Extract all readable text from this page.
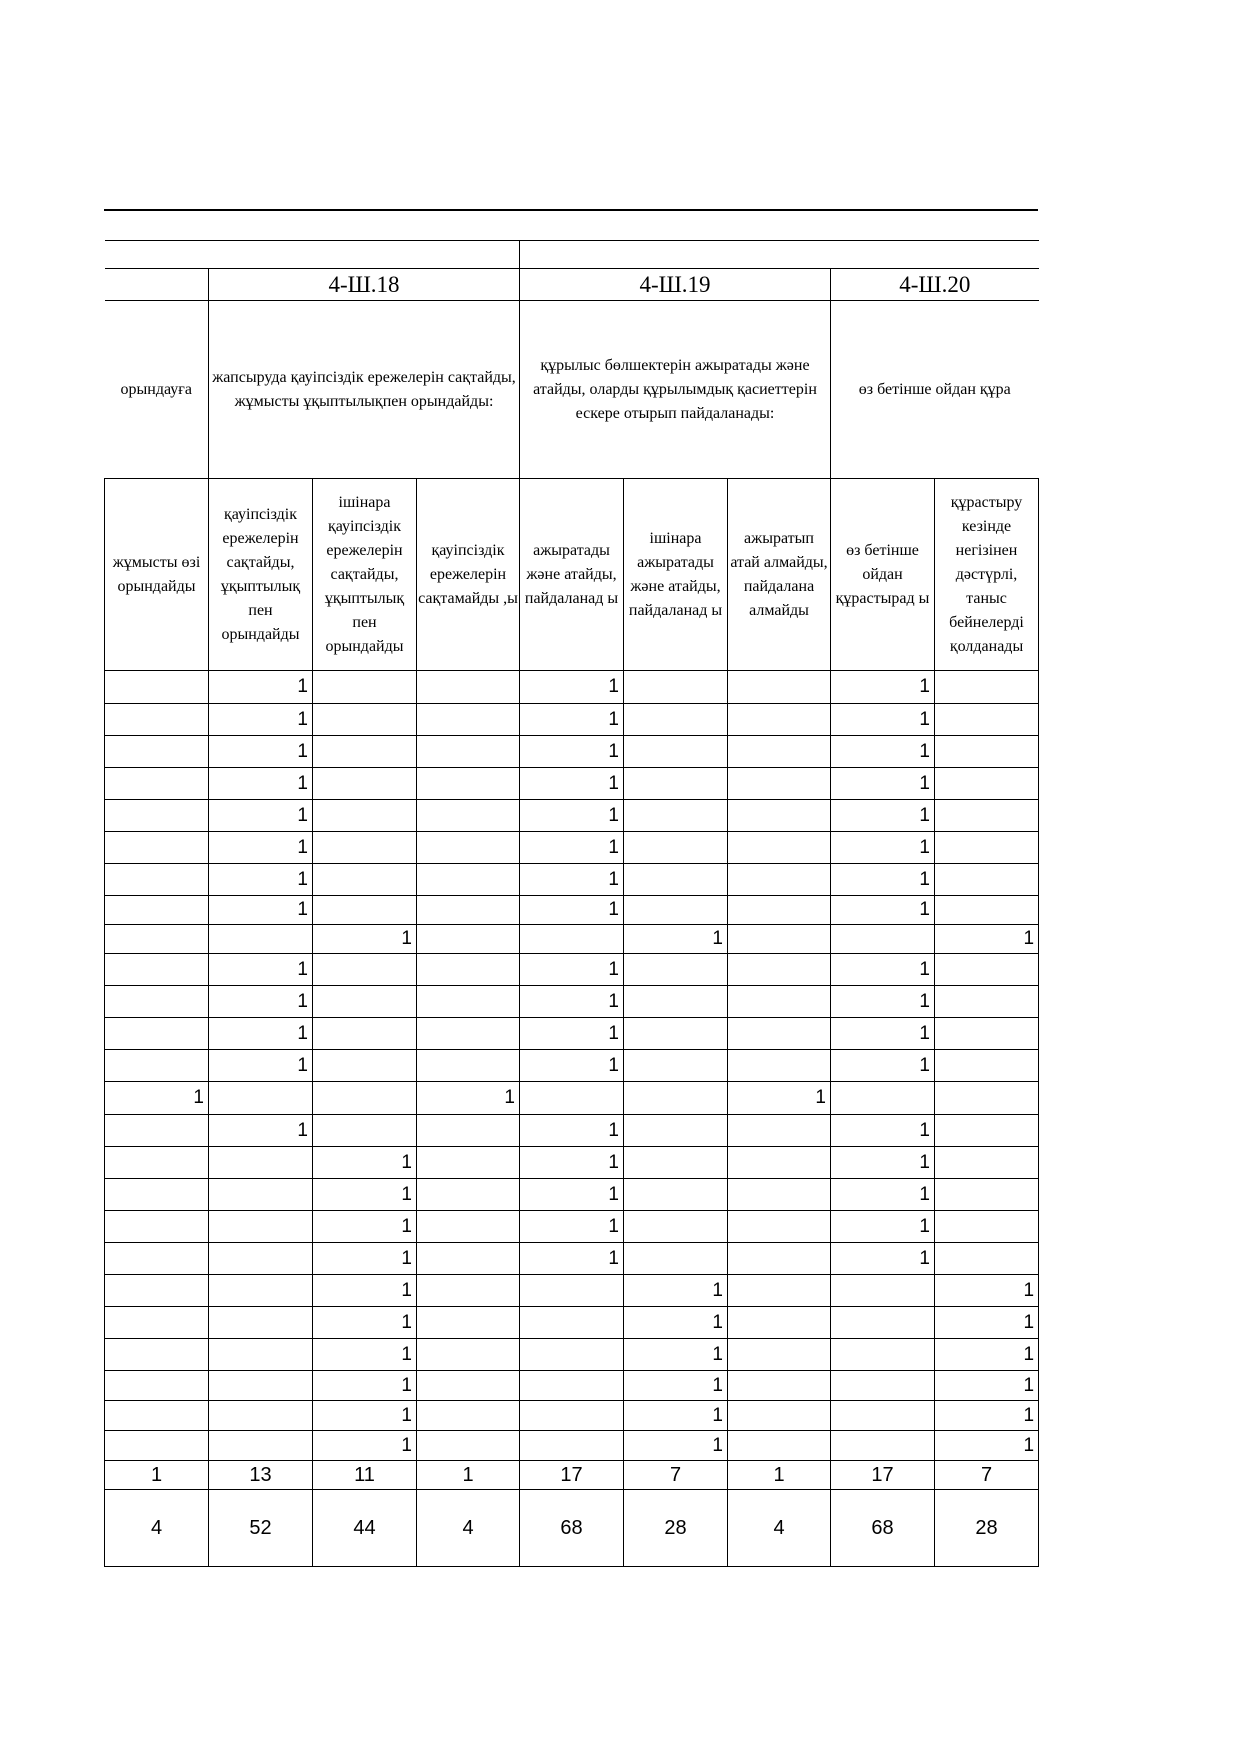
	4-Ш.18			4-Ш.19			4-Ш.20	
орындауға	жапсыруда қауіпсіздік ережелерін сақтайды, жұмысты ұқыптылықпен орындайды:			құрылыс бөлшектерін ажыратады және атайды, оларды құрылымдық қасиеттерін ескере отырып пайдаланады:			өз бетінше ойдан құра	
жұмысты өзі орындайды	қауіпсіздік ережелерін сақтайды, ұқыптылық пен орындайды	ішінара қауіпсіздік ережелерін сақтайды, ұқыптылық пен орындайды	қауіпсіздік ережелерін сақтамайды ,ы	ажыратады және атайды, пайдаланад ы	ішінара ажыратады және атайды, пайдаланад ы	ажыратып атай алмайды, пайдалана алмайды	өз бетінше ойдан құрастырад ы	құрастыру кезінде негізінен дәстүрлі, таныс бейнелерді қолданады
	1			1			1	
	1			1			1	
	1			1			1	
	1			1			1	
	1			1			1	
	1			1			1	
	1			1			1	
	1			1			1	
		1			1			1
	1			1			1	
	1			1			1	
	1			1			1	
	1			1			1	
1			1			1		
	1			1			1	
		1		1			1	
		1		1			1	
		1		1			1	
		1		1			1	
		1			1			1
		1			1			1
		1			1			1
		1			1			1
		1			1			1
		1			1			1
1	13	11	1	17	7	1	17	7
4	52	44	4	68	28	4	68	28
